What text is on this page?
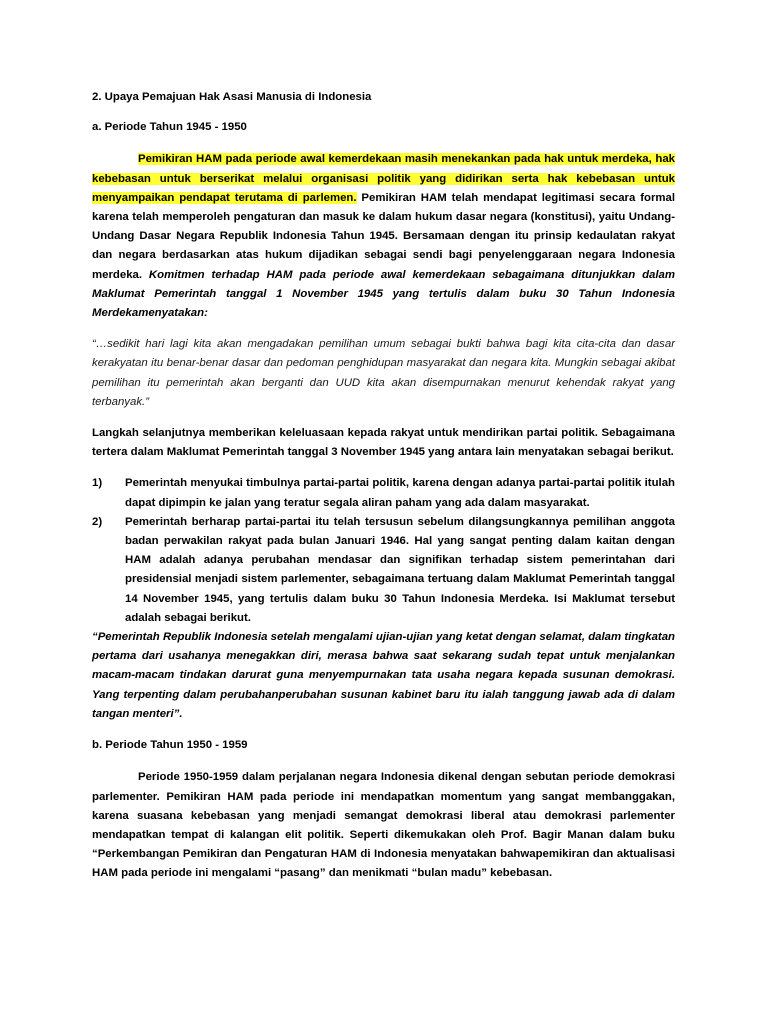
2. Upaya Pemajuan Hak Asasi Manusia di Indonesia
a. Periode Tahun 1945 - 1950

Pemikiran HAM pada periode awal kemerdekaan masih menekankan pada hak untuk merdeka, hak kebebasan untuk berserikat melalui organisasi politik yang didirikan serta hak kebebasan untuk menyampaikan pendapat terutama di parlemen. Pemikiran HAM telah mendapat legitimasi secara formal karena telah memperoleh pengaturan dan masuk ke dalam hukum dasar negara (konstitusi), yaitu Undang-Undang Dasar Negara Republik Indonesia Tahun 1945. Bersamaan dengan itu prinsip kedaulatan rakyat dan negara berdasarkan atas hukum dijadikan sebagai sendi bagi penyelenggaraan negara Indonesia merdeka. Komitmen terhadap HAM pada periode awal kemerdekaan sebagaimana ditunjukkan dalam Maklumat Pemerintah tanggal 1 November 1945 yang tertulis dalam buku 30 Tahun Indonesia Merdekamenyatakan:

“…sedikit hari lagi kita akan mengadakan pemilihan umum sebagai bukti bahwa bagi kita cita-cita dan dasar kerakyatan itu benar-benar dasar dan pedoman penghidupan masyarakat dan negara kita. Mungkin sebagai akibat pemilihan itu pemerintah akan berganti dan UUD kita akan disempurnakan menurut kehendak rakyat yang terbanyak.”

Langkah selanjutnya memberikan keleluasaan kepada rakyat untuk mendirikan partai politik. Sebagaimana tertera dalam Maklumat Pemerintah tanggal 3 November 1945 yang antara lain menyatakan sebagai berikut.

1) Pemerintah menyukai timbulnya partai-partai politik, karena dengan adanya partai-partai politik itulah dapat dipimpin ke jalan yang teratur segala aliran paham yang ada dalam masyarakat.
2) Pemerintah berharap partai-partai itu telah tersusun sebelum dilangsungkannya pemilihan anggota badan perwakilan rakyat pada bulan Januari 1946. Hal yang sangat penting dalam kaitan dengan HAM adalah adanya perubahan mendasar dan signifikan terhadap sistem pemerintahan dari presidensial menjadi sistem parlementer, sebagaimana tertuang dalam Maklumat Pemerintah tanggal 14 November 1945, yang tertulis dalam buku 30 Tahun Indonesia Merdeka. Isi Maklumat tersebut adalah sebagai berikut.

“Pemerintah Republik Indonesia setelah mengalami ujian-ujian yang ketat dengan selamat, dalam tingkatan pertama dari usahanya menegakkan diri, merasa bahwa saat sekarang sudah tepat untuk menjalankan macam-macam tindakan darurat guna menyempurnakan tata usaha negara kepada susunan demokrasi. Yang terpenting dalam perubahanperubahan susunan kabinet baru itu ialah tanggung jawab ada di dalam tangan menteri”.

b. Periode Tahun 1950 - 1959

Periode 1950-1959 dalam perjalanan negara Indonesia dikenal dengan sebutan periode demokrasi parlementer. Pemikiran HAM pada periode ini mendapatkan momentum yang sangat membanggakan, karena suasana kebebasan yang menjadi semangat demokrasi liberal atau demokrasi parlementer mendapatkan tempat di kalangan elit politik. Seperti dikemukakan oleh Prof. Bagir Manan dalam buku “Perkembangan Pemikiran dan Pengaturan HAM di Indonesia menyatakan bahwapemikiran dan aktualisasi HAM pada periode ini mengalami “pasang” dan menikmati “bulan madu” kebebasan.
